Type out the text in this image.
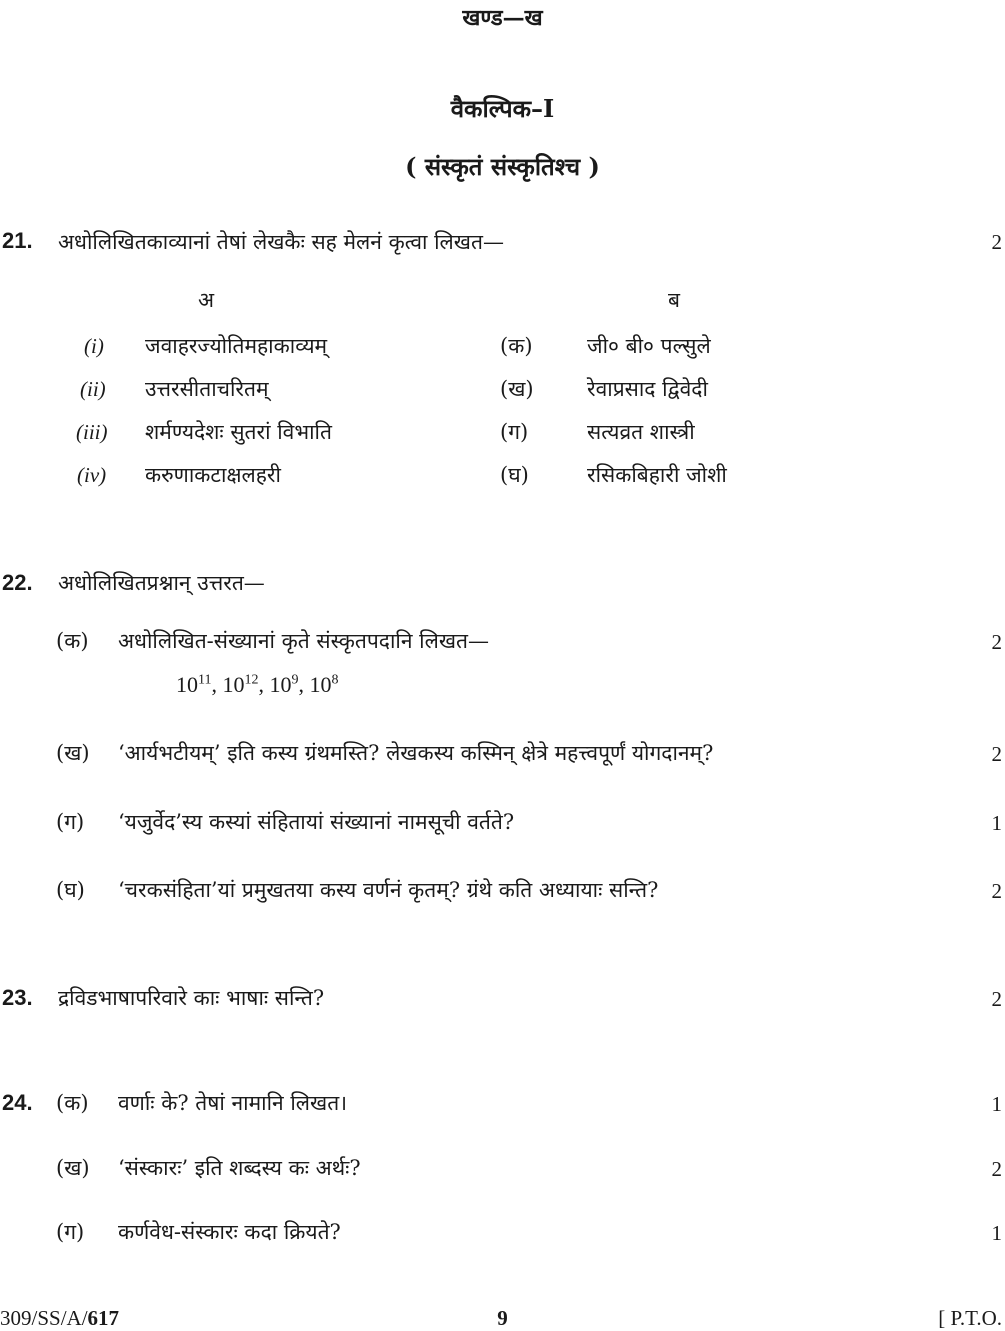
खण्ड—ख
वैकल्पिक–I
( संस्कृतं संस्कृतिश्च )
21. अधोलिखितकाव्यानां तेषां लेखकैः सह मेलनं कृत्वा लिखत—	2
अ	ब
(i) जवाहरज्योतिमहाकाव्यम्	(क)	जी० बी० पल्सुले
(ii) उत्तरसीताचरितम्	(ख)	रेवाप्रसाद द्विवेदी
(iii) शर्मण्यदेशः सुतरां विभाति	(ग)	सत्यव्रत शास्त्री
(iv) करुणाकटाक्षलहरी	(घ)	रसिकबिहारी जोशी
22. अधोलिखितप्रश्नान् उत्तरत—
(क) अधोलिखित-संख्यानां कृते संस्कृतपदानि लिखत—	2
$10^{11}$, $10^{12}$, $10^9$, $10^8$
(ख) ‘आर्यभटीयम्’ इति कस्य ग्रंथमस्ति? लेखकस्य कस्मिन् क्षेत्रे महत्त्वपूर्णं योगदानम्?	2
(ग) ‘यजुर्वेद’स्य कस्यां संहितायां संख्यानां नामसूची वर्तते?	1
(घ) ‘चरकसंहिता’यां प्रमुखतया कस्य वर्णनं कृतम्? ग्रंथे कति अध्यायाः सन्ति?	2
23. द्रविडभाषापरिवारे काः भाषाः सन्ति?	2
24. (क) वर्णाः के? तेषां नामानि लिखत।	1
(ख) ‘संस्कारः’ इति शब्दस्य कः अर्थः?	2
(ग) कर्णवेध-संस्कारः कदा क्रियते?	1
309/SS/A/617	9	[ P.T.O.
